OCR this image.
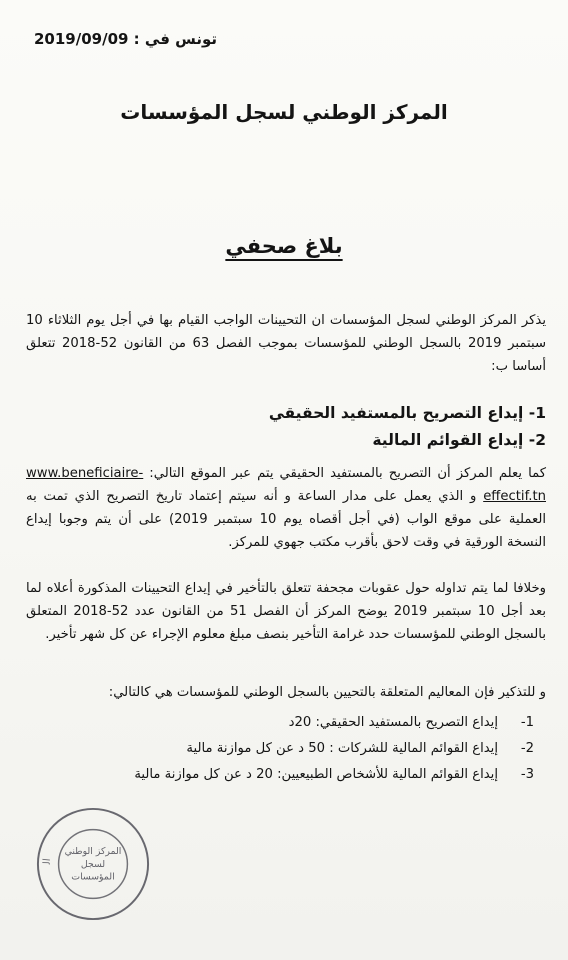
تونس في : 2019/09/09
المركز الوطني لسجل المؤسسات
بلاغ صحفي
يذكر المركز الوطني لسجل المؤسسات ان التحيينات الواجب القيام بها في أجل يوم الثلاثاء 10 سبتمبر 2019 بالسجل الوطني للمؤسسات بموجب الفصل 63 من القانون 52-2018 تتعلق أساسا ب:
1- إيداع التصريح بالمستفيد الحقيقي
2- إيداع القوائم المالية
كما يعلم المركز أن التصريح بالمستفيد الحقيقي يتم عبر الموقع التالي: www.beneficiaire-effectif.tn و الذي يعمل على مدار الساعة و أنه سيتم إعتماد تاريخ التصريح الذي تمت به العملية على موقع الواب (في أجل أقصاه يوم 10 سبتمبر 2019) على أن يتم وجوبا إيداع النسخة الورقية في وقت لاحق بأقرب مكتب جهوي للمركز.
وخلافا لما يتم تداوله حول عقوبات مجحفة تتعلق بالتأخير في إيداع التحيينات المذكورة أعلاه لما بعد أجل 10 سبتمبر 2019 يوضح المركز أن الفصل 51 من القانون عدد 52-2018 المتعلق بالسجل الوطني للمؤسسات حدد غرامة التأخير بنصف مبلغ معلوم الإجراء عن كل شهر تأخير.
و للتذكير فإن المعاليم المتعلقة بالتحيين بالسجل الوطني للمؤسسات هي كالتالي:
1-
إيداع التصريح بالمستفيد الحقيقي: 20د
2-
إيداع القوائم المالية للشركات : 50 د عن كل موازنة مالية
3-
إيداع القوائم المالية للأشخاص الطبيعيين: 20 د عن كل موازنة مالية
ال
المركز الوطني
لسجل
المؤسسات
